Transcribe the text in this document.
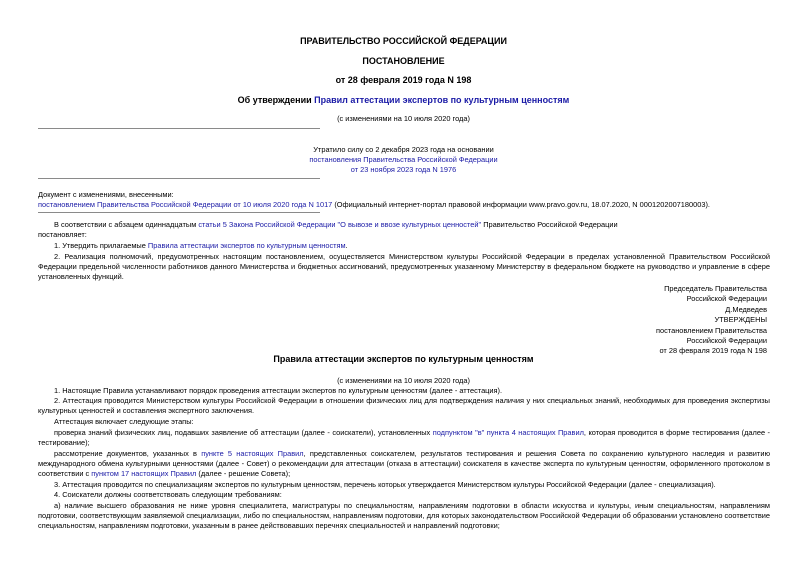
ПРАВИТЕЛЬСТВО РОССИЙСКОЙ ФЕДЕРАЦИИ
ПОСТАНОВЛЕНИЕ
от 28 февраля 2019 года N 198
Об утверждении Правил аттестации экспертов по культурным ценностям
(с изменениями на 10 июля 2020 года)
Утратило силу со 2 декабря 2023 года на основании
постановления Правительства Российской Федерации
от 23 ноября 2023 года N 1976
Документ с изменениями, внесенными:
постановлением Правительства Российской Федерации от 10 июля 2020 года N 1017 (Официальный интернет-портал правовой информации www.pravo.gov.ru, 18.07.2020, N 0001202007180003).
В соответствии с абзацем одиннадцатым статьи 5 Закона Российской Федерации "О вывозе и ввозе культурных ценностей" Правительство Российской Федерации
постановляет:
1. Утвердить прилагаемые Правила аттестации экспертов по культурным ценностям.
2. Реализация полномочий, предусмотренных настоящим постановлением, осуществляется Министерством культуры Российской Федерации в пределах установленной Правительством Российской Федерации предельной численности работников данного Министерства и бюджетных ассигнований, предусмотренных указанному Министерству в федеральном бюджете на руководство и управление в сфере установленных функций.
Председатель Правительства
Российской Федерации
Д.Медведев
УТВЕРЖДЕНЫ
постановлением Правительства
Российской Федерации
от 28 февраля 2019 года N 198
Правила аттестации экспертов по культурным ценностям
(с изменениями на 10 июля 2020 года)
1. Настоящие Правила устанавливают порядок проведения аттестации экспертов по культурным ценностям (далее - аттестация).
2. Аттестация проводится Министерством культуры Российской Федерации в отношении физических лиц для подтверждения наличия у них специальных знаний, необходимых для проведения экспертизы культурных ценностей и составления экспертного заключения.
Аттестация включает следующие этапы:
проверка знаний физических лиц, подавших заявление об аттестации (далее - соискатели), установленных подпунктом "в" пункта 4 настоящих Правил, которая проводится в форме тестирования (далее - тестирование);
рассмотрение документов, указанных в пункте 5 настоящих Правил, представленных соискателем, результатов тестирования и решения Совета по сохранению культурного наследия и развитию международного обмена культурными ценностями (далее - Совет) о рекомендации для аттестации (отказа в аттестации) соискателя в качестве эксперта по культурным ценностям, оформленного протоколом в соответствии с пунктом 17 настоящих Правил (далее - решение Совета);
3. Аттестация проводится по специализациям экспертов по культурным ценностям, перечень которых утверждается Министерством культуры Российской Федерации (далее - специализация).
4. Соискатели должны соответствовать следующим требованиям:
а) наличие высшего образования не ниже уровня специалитета, магистратуры по специальностям, направлениям подготовки в области искусства и культуры, иным специальностям, направлениям подготовки, соответствующим заявляемой специализации, либо по специальностям, направлениям подготовки, для которых законодательством Российской Федерации об образовании установлено соответствие специальностям, направлениям подготовки, указанным в ранее действовавших перечнях специальностей и направлений подготовки;
